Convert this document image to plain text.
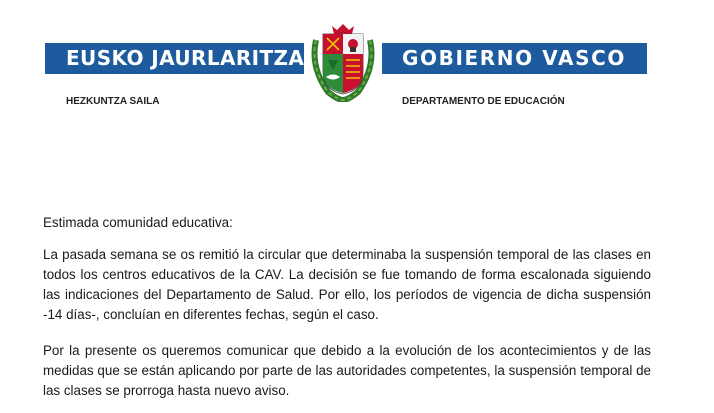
EUSKO JAURLARITZA	GOBIERNO VASCO
HEZKUNTZA SAILA	DEPARTAMENTO DE EDUCACIÓN
Estimada comunidad educativa:
La pasada semana se os remitió la circular que determinaba la suspensión temporal de las clases en todos los centros educativos de la CAV. La decisión se fue tomando de forma escalonada siguiendo las indicaciones del Departamento de Salud. Por ello, los períodos de vigencia de dicha suspensión -14 días-, concluían en diferentes fechas, según el caso.
Por la presente os queremos comunicar que debido a la evolución de los acontecimientos y de las medidas que se están aplicando por parte de las autoridades competentes, la suspensión temporal de las clases se prorroga hasta nuevo aviso.
